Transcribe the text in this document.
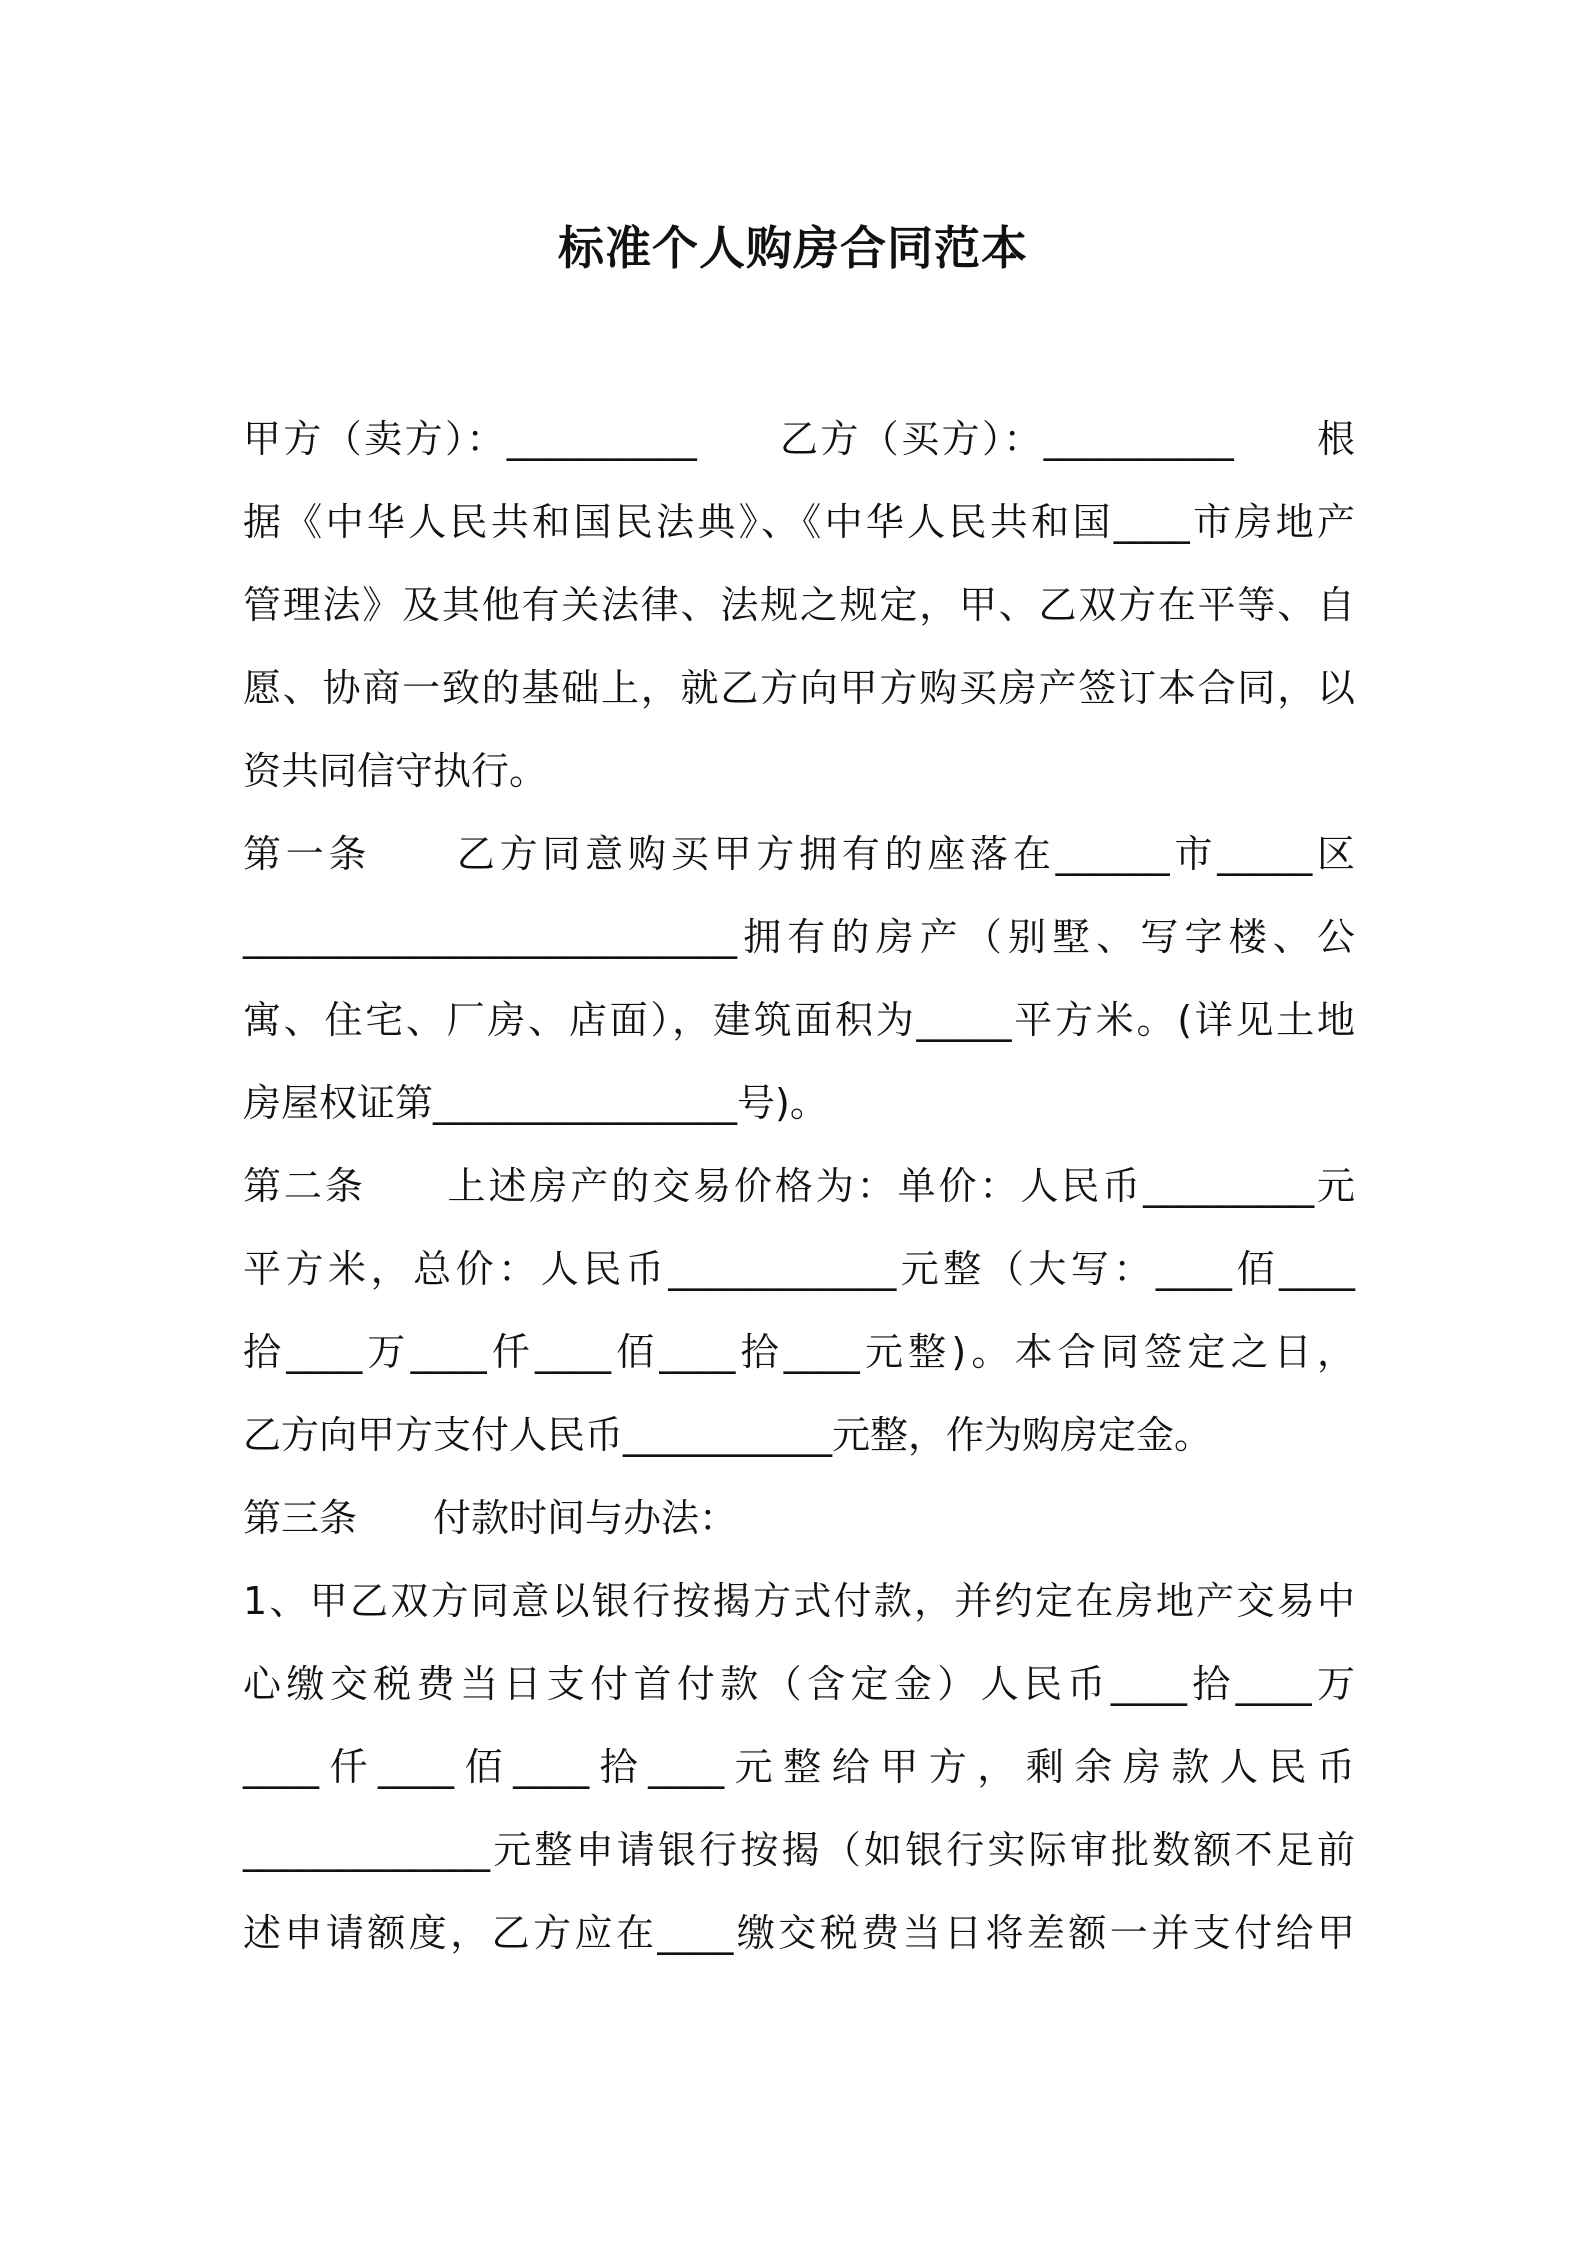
标准个人购房合同范本
甲方（卖方）：__________　　乙方（买方）：__________　　根
据《中华人民共和国民法典》、《中华人民共和国____市房地产
管理法》及其他有关法律、法规之规定，甲、乙双方在平等、自
愿、协商一致的基础上，就乙方向甲方购买房产签订本合同，以
资共同信守执行。
第一条　　乙方同意购买甲方拥有的座落在______市_____区
__________________________拥有的房产（别墅、写字楼、公
寓、住宅、厂房、店面），建筑面积为_____平方米。(详见土地
房屋权证第________________号)。
第二条　　上述房产的交易价格为：单价：人民币_________元
平方米，总价：人民币____________元整（大写：____佰____
拾____万____仟____佰____拾____元整)。本合同签定之日，
乙方向甲方支付人民币___________元整，作为购房定金。
第三条　　付款时间与办法：
1、甲乙双方同意以银行按揭方式付款，并约定在房地产交易中
心缴交税费当日支付首付款（含定金）人民币____拾____万
____仟____佰____拾____元整给甲方，剩余房款人民币
_____________元整申请银行按揭（如银行实际审批数额不足前
述申请额度，乙方应在____缴交税费当日将差额一并支付给甲
